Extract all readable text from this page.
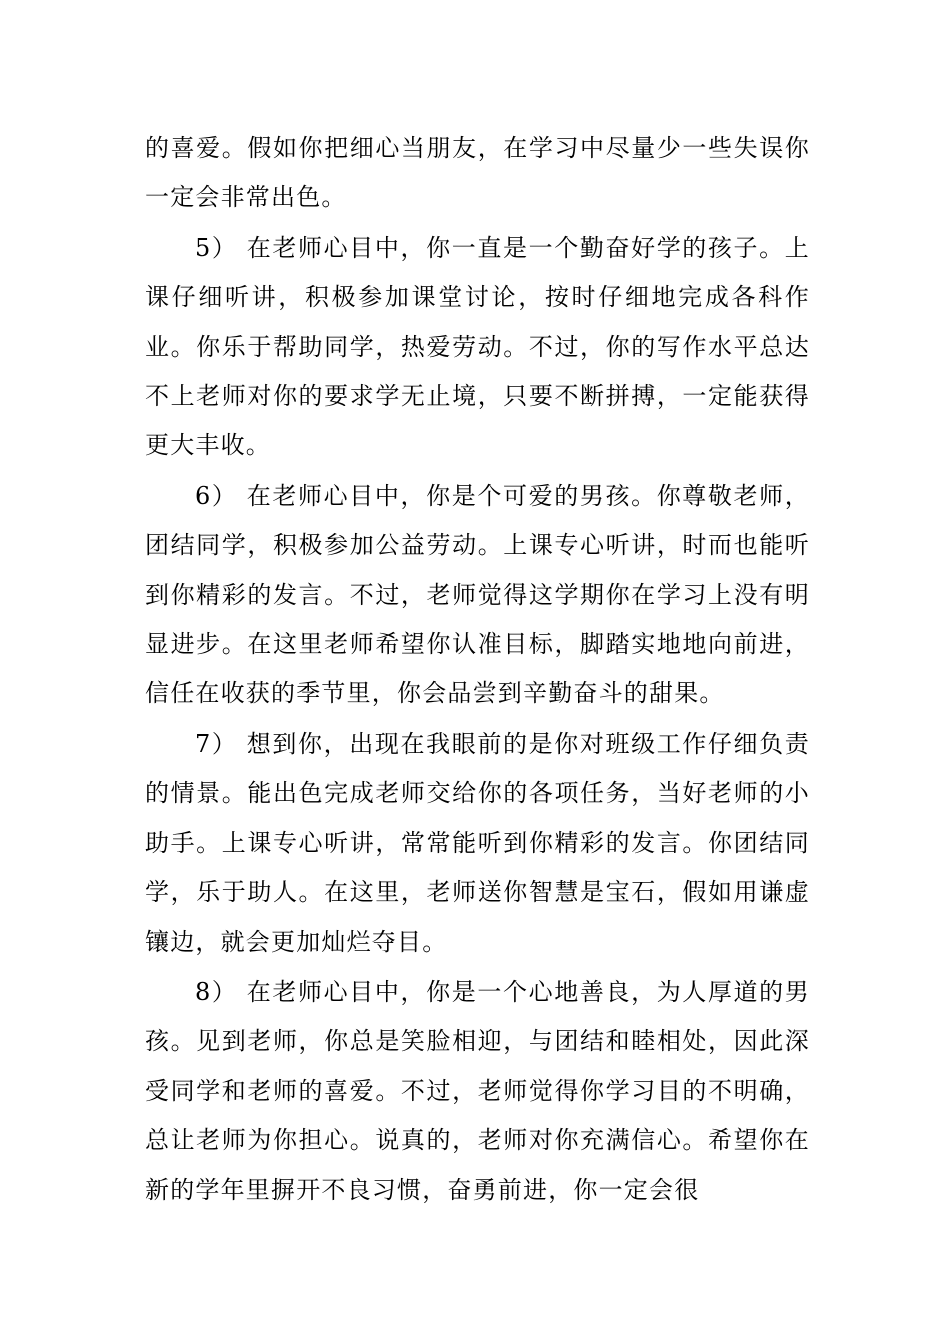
的喜爱。假如你把细心当朋友，在学习中尽量少一些失误你一定会非常出色。

5） 在老师心目中，你一直是一个勤奋好学的孩子。上课仔细听讲，积极参加课堂讨论，按时仔细地完成各科作业。你乐于帮助同学，热爱劳动。不过，你的写作水平总达不上老师对你的要求学无止境，只要不断拼搏，一定能获得更大丰收。

6） 在老师心目中，你是个可爱的男孩。你尊敬老师，团结同学，积极参加公益劳动。上课专心听讲，时而也能听到你精彩的发言。不过，老师觉得这学期你在学习上没有明显进步。在这里老师希望你认准目标，脚踏实地地向前进，信任在收获的季节里，你会品尝到辛勤奋斗的甜果。

7） 想到你，出现在我眼前的是你对班级工作仔细负责的情景。能出色完成老师交给你的各项任务，当好老师的小助手。上课专心听讲，常常能听到你精彩的发言。你团结同学，乐于助人。在这里，老师送你智慧是宝石，假如用谦虚镶边，就会更加灿烂夺目。

8） 在老师心目中，你是一个心地善良，为人厚道的男孩。见到老师，你总是笑脸相迎，与团结和睦相处，因此深受同学和老师的喜爱。不过，老师觉得你学习目的不明确，总让老师为你担心。说真的，老师对你充满信心。希望你在新的学年里摒开不良习惯，奋勇前进，你一定会很
